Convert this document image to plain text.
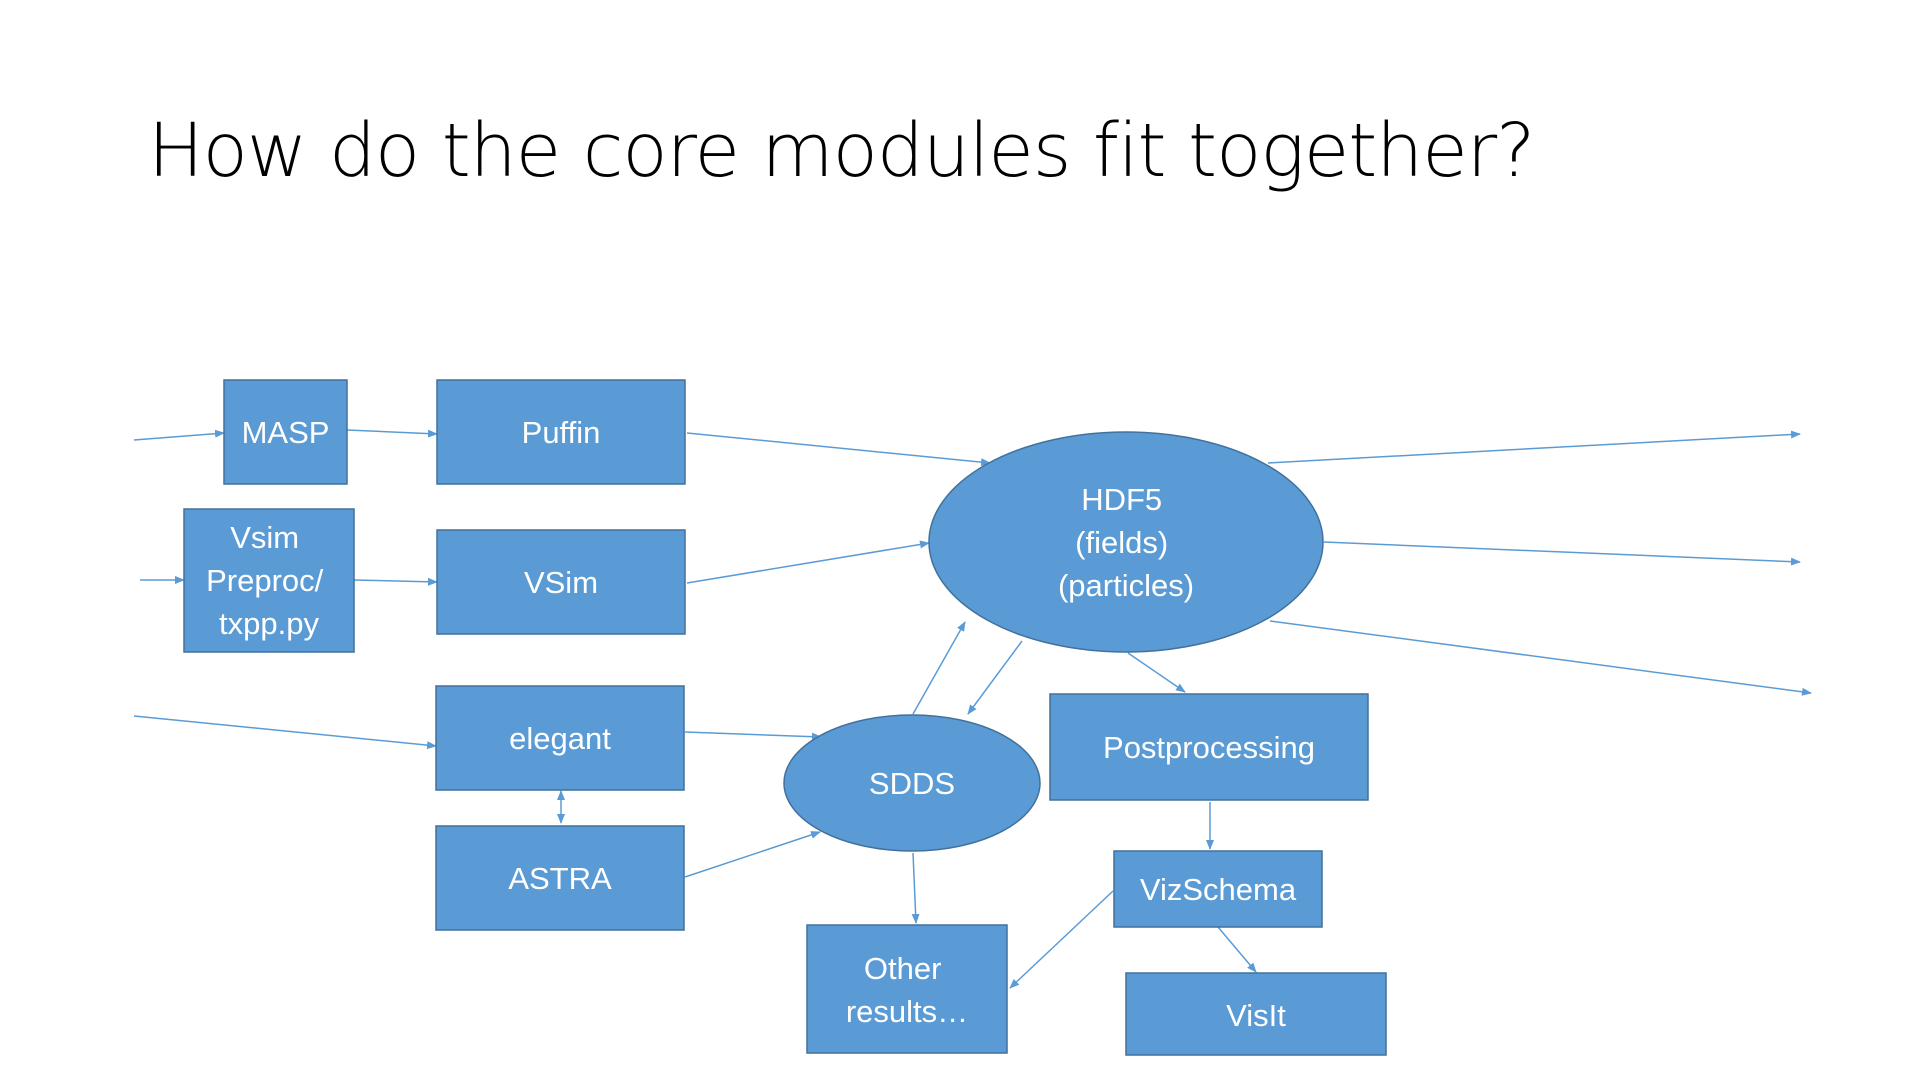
How do the core modules fit together?
MASP	Puffin
Vsim Preproc/ txpp.py
VSim
HDF5 (fields) (particles)
elegant
ASTRA
SDDS
Postprocessing
VizSchema
Other results…	VisIt
